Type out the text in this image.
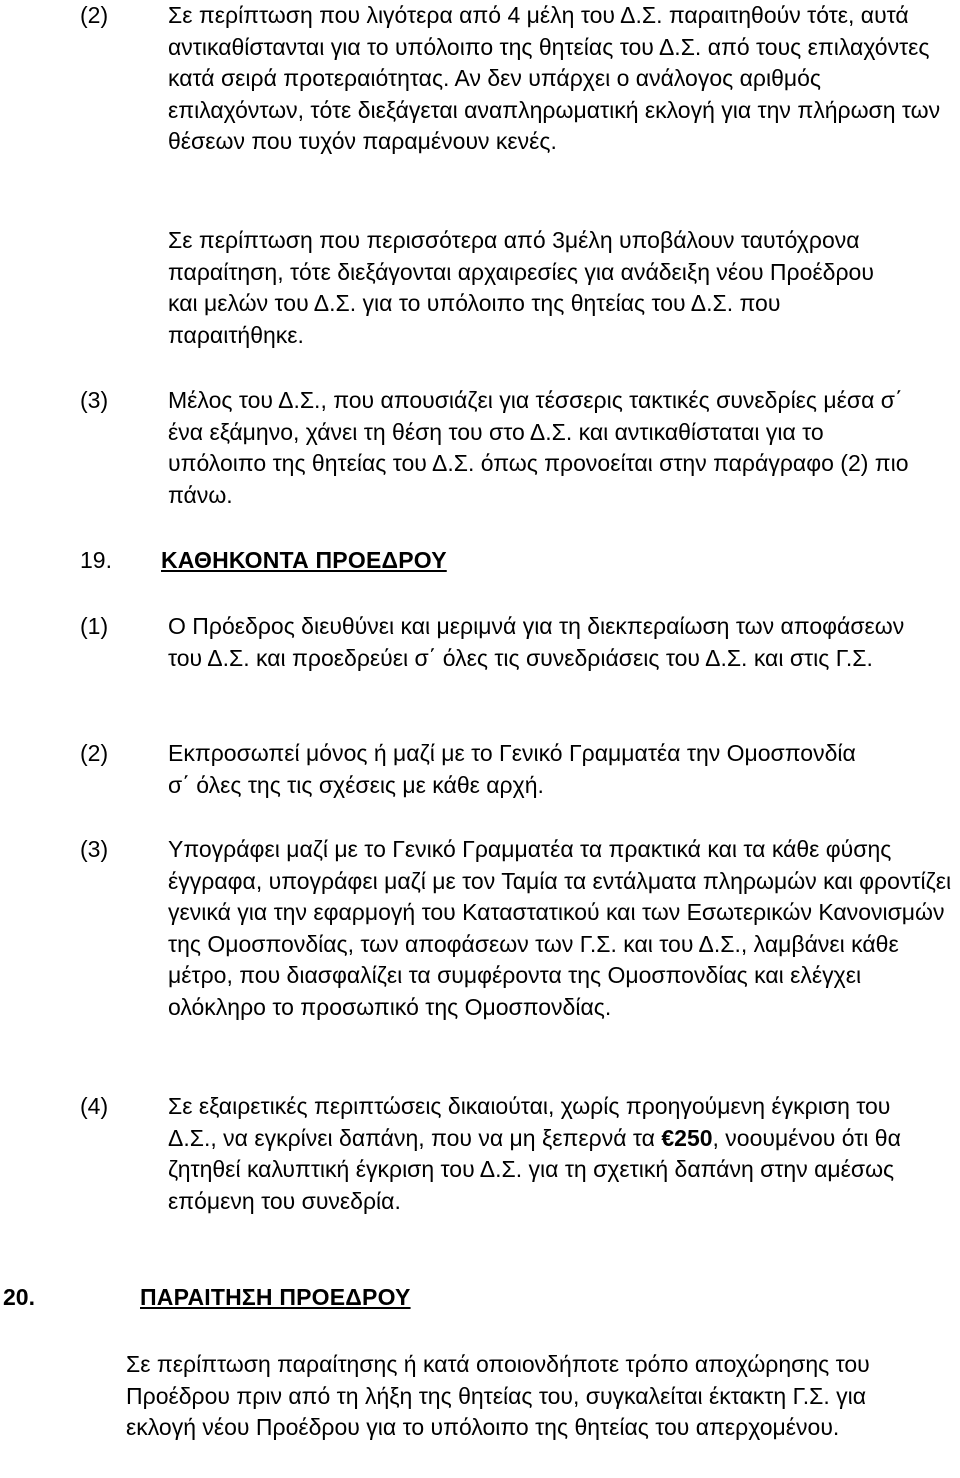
(2)	Σε περίπτωση που λιγότερα από 4 μέλη του Δ.Σ. παραιτηθούν τότε, αυτά αντικαθίστανται για το υπόλοιπο της θητείας του Δ.Σ. από τους επιλαχόντες κατά σειρά προτεραιότητας. Αν δεν υπάρχει ο ανάλογος αριθμός επιλαχόντων, τότε διεξάγεται αναπληρωματική εκλογή για την πλήρωση των θέσεων που τυχόν παραμένουν κενές.
Σε περίπτωση που περισσότερα από 3μέλη υποβάλουν ταυτόχρονα παραίτηση, τότε διεξάγονται αρχαιρεσίες για ανάδειξη νέου Προέδρου και μελών του Δ.Σ. για το υπόλοιπο της θητείας του Δ.Σ. που παραιτήθηκε.
(3)	Μέλος του Δ.Σ., που απουσιάζει για τέσσερις τακτικές συνεδρίες μέσα σ΄ ένα εξάμηνο, χάνει τη θέση του στο Δ.Σ. και αντικαθίσταται για το υπόλοιπο της θητείας του Δ.Σ. όπως προνοείται στην παράγραφο (2) πιο πάνω.
19. ΚΑΘΗΚΟΝΤΑ ΠΡΟΕΔΡΟΥ
(1)	Ο Πρόεδρος διευθύνει και μεριμνά για τη διεκπεραίωση των αποφάσεων του Δ.Σ. και προεδρεύει σ΄ όλες τις συνεδριάσεις του Δ.Σ. και στις Γ.Σ.
(2)	Εκπροσωπεί μόνος ή μαζί με το Γενικό Γραμματέα την Ομοσπονδία σ΄ όλες της τις σχέσεις με κάθε αρχή.
(3)	Υπογράφει μαζί με το Γενικό Γραμματέα τα πρακτικά και τα κάθε φύσης έγγραφα, υπογράφει μαζί με τον Ταμία τα εντάλματα πληρωμών και φροντίζει γενικά για την εφαρμογή του Καταστατικού και των Εσωτερικών Κανονισμών της Ομοσπονδίας, των αποφάσεων των Γ.Σ. και του Δ.Σ., λαμβάνει κάθε μέτρο, που διασφαλίζει τα συμφέροντα της Ομοσπονδίας και ελέγχει ολόκληρο το προσωπικό της Ομοσπονδίας.
(4)	Σε εξαιρετικές περιπτώσεις δικαιούται, χωρίς προηγούμενη έγκριση του Δ.Σ., να εγκρίνει δαπάνη, που να μη ξεπερνά τα €250, νοουμένου ότι θα ζητηθεί καλυπτική έγκριση του Δ.Σ. για τη σχετική δαπάνη στην αμέσως επόμενη του συνεδρία.
20.	ΠΑΡΑΙΤΗΣΗ ΠΡΟΕΔΡΟΥ
Σε περίπτωση παραίτησης ή κατά οποιονδήποτε τρόπο αποχώρησης του Προέδρου πριν από τη λήξη της θητείας του, συγκαλείται έκτακτη Γ.Σ. για εκλογή νέου Προέδρου για το υπόλοιπο της θητείας του απερχομένου.
